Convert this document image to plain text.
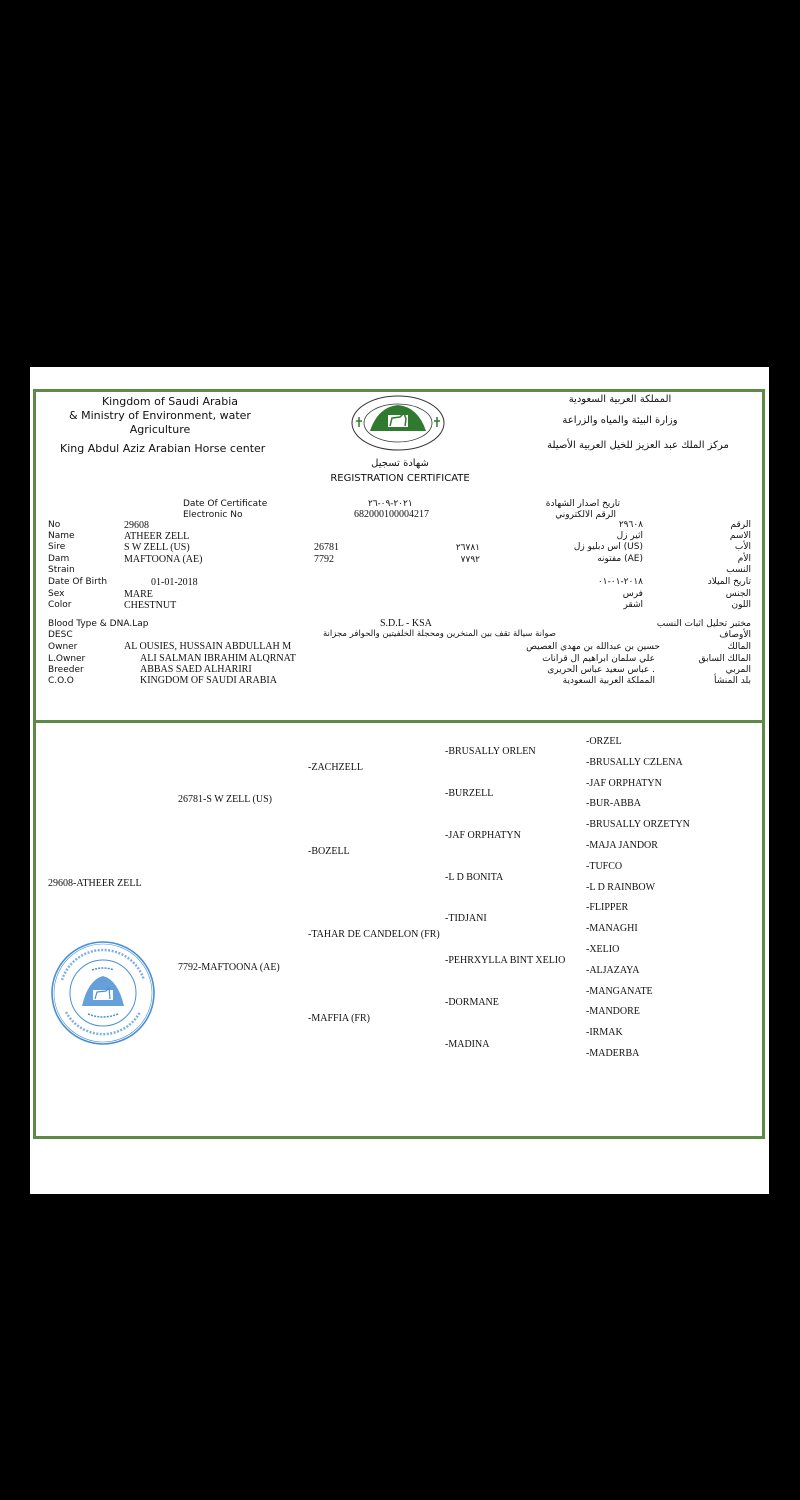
Kingdom of Saudi Arabia
& Ministry of Environment, water
Agriculture
King Abdul Aziz Arabian Horse center
المملكة العربية السعودية
وزارة البيئة والمياه والزراعة
مركز الملك عبد العزيز للخيل العربية الأصيلة
شهادة تسجيل
REGISTRATION CERTIFICATE
Date Of Certificate	٢٠٢١-٠٩-٢٦	تاريخ اصدار الشهادة
Electronic No	682000100004217	الرقم الالكتروني
No	29608	٢٩٦٠٨	الرقم
Name	ATHEER ZELL	اثير زل	الاسم
Sire	S W ZELL (US)	26781	٢٦٧٨١	(US) اس دبليو زل	الأب
Dam	MAFTOONA (AE)	7792	٧٧٩٢	(AE) مفتونه	الأم
Strain	النسب
Date Of Birth	01-01-2018	٢٠١٨-٠١-٠١	تاريخ الميلاد
Sex	MARE	فرس	الجنس
Color	CHESTNUT	اشقر	اللون
Blood Type & DNA.Lap	S.D.L - KSA	مختبر تحليل اثبات النسب
DESC	صوانة سيالة تقف بين المنخرين ومحجلة الخلفيتين والحوافر مجزانة	الأوصاف
Owner	AL OUSIES, HUSSAIN ABDULLAH M	حسين بن عبدالله بن مهدي العصيص	المالك
L.Owner	ALI SALMAN IBRAHIM ALQRNAT	علي سلمان ابراهيم ال قرانات	المالك السابق
Breeder	ABBAS SAED ALHARIRI	. عباس سعيد عباس الحريرى	المربي
C.O.O	KINGDOM OF SAUDI ARABIA	المملكة العربية السعودية	بلد المنشأ
29608-ATHEER ZELL
26781-S W ZELL (US)
7792-MAFTOONA (AE)
-ZACHZELL
-BOZELL
-TAHAR DE CANDELON (FR)
-MAFFIA (FR)
-BRUSALLY ORLEN
-BURZELL
-JAF ORPHATYN
-L D BONITA
-TIDJANI
-PEHRXYLLA BINT XELIO
-DORMANE
-MADINA
-ORZEL
-BRUSALLY CZLENA
-JAF ORPHATYN
-BUR-ABBA
-BRUSALLY ORZETYN
-MAJA JANDOR
-TUFCO
-L D RAINBOW
-FLIPPER
-MANAGHI
-XELIO
-ALJAZAYA
-MANGANATE
-MANDORE
-IRMAK
-MADERBA
